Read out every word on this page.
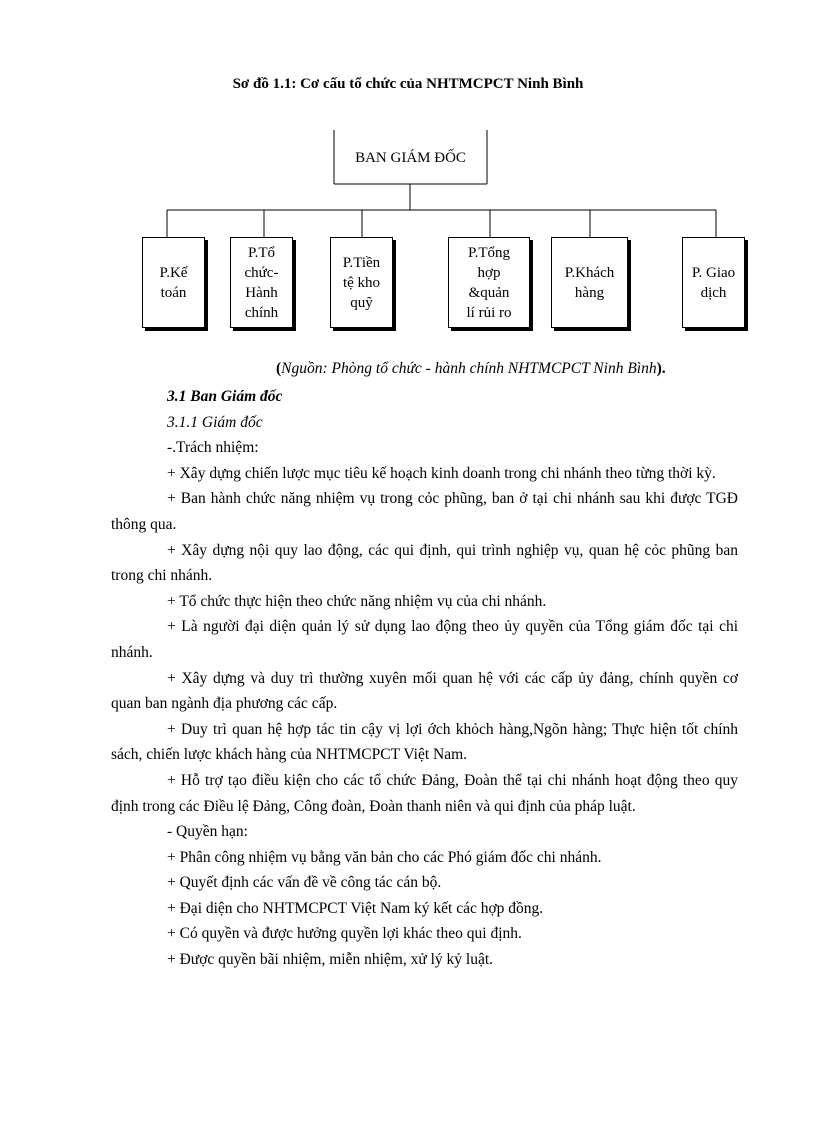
Sơ đồ 1.1: Cơ cấu tổ chức của NHTMCPCT Ninh Bình
BAN GIÁM ĐỐC
P.Kế
toán
P.Tổ
chức-
Hành
chính
P.Tiền
tệ kho
quỹ
P.Tổng
hợp
&quản
lí rủi ro
P.Khách
hàng
P. Giao
dịch
(Nguồn: Phòng tổ chức - hành chính NHTMCPCT Ninh Bình).

3.1 Ban Giám đốc

3.1.1 Giám đốc

-.Trách nhiệm:

+ Xây dựng chiến lược mục tiêu kế hoạch kinh doanh trong chi nhánh theo từng thời kỳ.

+ Ban hành chức năng nhiệm vụ trong cỏc phũng, ban ở tại chi nhánh sau khi được TGĐ thông qua.

+ Xây dựng nội quy lao động, các qui định, qui trình nghiệp vụ, quan hệ cỏc phũng ban trong chi nhánh.

+ Tổ chức thực hiện theo chức năng nhiệm vụ của chi nhánh.

+ Là người đại diện quản lý sử dụng lao động theo ủy quyền của Tổng giám đốc tại chi nhánh.

+ Xây dựng và duy trì thường xuyên mối quan hệ với các cấp ủy đảng, chính quyền cơ quan ban ngành địa phương các cấp.

+ Duy trì quan hệ hợp tác tin cậy vị lợi ớch khỏch hàng,Ngõn hàng; Thực hiện tốt chính sách, chiến lược khách hàng của NHTMCPCT Việt Nam.

+ Hỗ trợ tạo điều kiện cho các tổ chức Đảng, Đoàn thể tại chi nhánh hoạt động theo quy định trong các Điều lệ Đảng, Công đoàn, Đoàn thanh niên và qui định của pháp luật.

- Quyền hạn:

+ Phân công nhiệm vụ bằng văn bản cho các Phó giám đốc chi nhánh.

+ Quyết định các vấn đề về công tác cán bộ.

+ Đại diện cho NHTMCPCT Việt Nam ký kết các hợp đồng.

+ Có quyền và được hưởng quyền lợi khác theo qui định.

+ Được quyền bãi nhiệm, miễn nhiệm, xử lý kỷ luật.
